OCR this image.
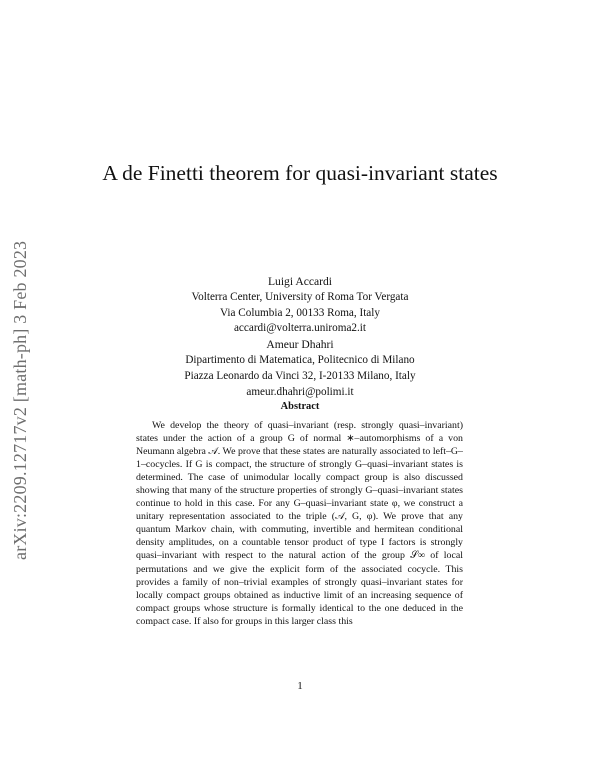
arXiv:2209.12717v2 [math-ph] 3 Feb 2023
A de Finetti theorem for quasi-invariant states
Luigi Accardi
Volterra Center, University of Roma Tor Vergata
Via Columbia 2, 00133 Roma, Italy
accardi@volterra.uniroma2.it
Ameur Dhahri
Dipartimento di Matematica, Politecnico di Milano
Piazza Leonardo da Vinci 32, I-20133 Milano, Italy
ameur.dhahri@polimi.it
Abstract

We develop the theory of quasi–invariant (resp. strongly quasi–invariant) states under the action of a group G of normal ∗–automorphisms of a von Neumann algebra 𝒜. We prove that these states are naturally associated to left–G–1–cocycles. If G is compact, the structure of strongly G–quasi–invariant states is determined. The case of unimodular locally compact group is also discussed showing that many of the structure properties of strongly G–quasi–invariant states continue to hold in this case. For any G–quasi–invariant state φ, we construct a unitary representation associated to the triple (𝒜, G, φ). We prove that any quantum Markov chain, with commuting, invertible and hermitean conditional density amplitudes, on a countable tensor product of type I factors is strongly quasi–invariant with respect to the natural action of the group 𝒮∞ of local permutations and we give the explicit form of the associated cocycle. This provides a family of non–trivial examples of strongly quasi–invariant states for locally compact groups obtained as inductive limit of an increasing sequence of compact groups whose structure is formally identical to the one deduced in the compact case. If also for groups in this larger class this

1
